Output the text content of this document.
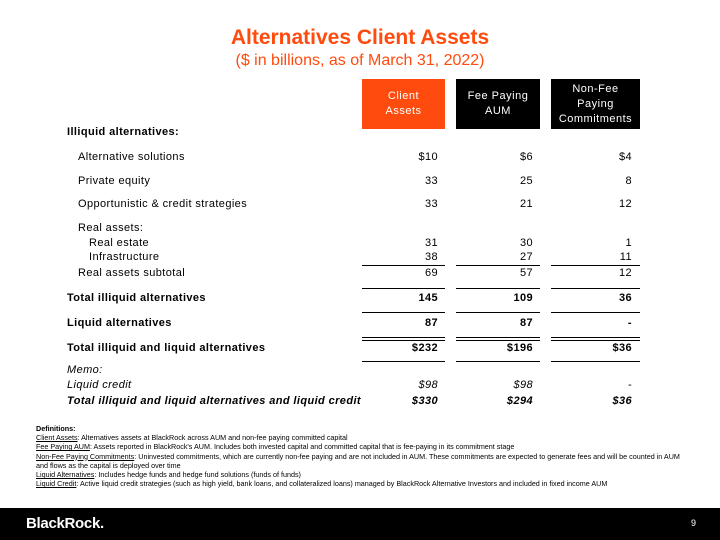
Alternatives Client Assets
($ in billions, as of March 31, 2022)
Client
Assets
Fee Paying
AUM
Non-Fee
Paying
Commitments
Illiquid alternatives:
Alternative solutions	$10	$6	$4
Private equity	33	25	8
Opportunistic & credit strategies	33	21	12
Real assets:
Real estate	31	30	1
Infrastructure	38	27	11
Real assets subtotal	69	57	12
Total illiquid alternatives	145	109	36
Liquid alternatives	87	87	-
Total illiquid and liquid alternatives	$232	$196	$36
Memo:
Liquid credit	$98	$98	-
Total illiquid and liquid alternatives and liquid credit	$330	$294	$36
Definitions:
Client Assets: Alternatives assets at BlackRock across AUM and non-fee paying committed capital
Fee Paying AUM: Assets reported in BlackRock's AUM. Includes both invested capital and committed capital that is fee-paying in its commitment stage
Non-Fee Paying Commitments: Uninvested commitments, which are currently non-fee paying and are not included in AUM. These commitments are expected to generate fees and will be counted in AUM and flows as the capital is deployed over time
Liquid Alternatives: Includes hedge funds and hedge fund solutions (funds of funds)
Liquid Credit: Active liquid credit strategies (such as high yield, bank loans, and collateralized loans) managed by BlackRock Alternative Investors and included in fixed income AUM
BlackRock.	9
